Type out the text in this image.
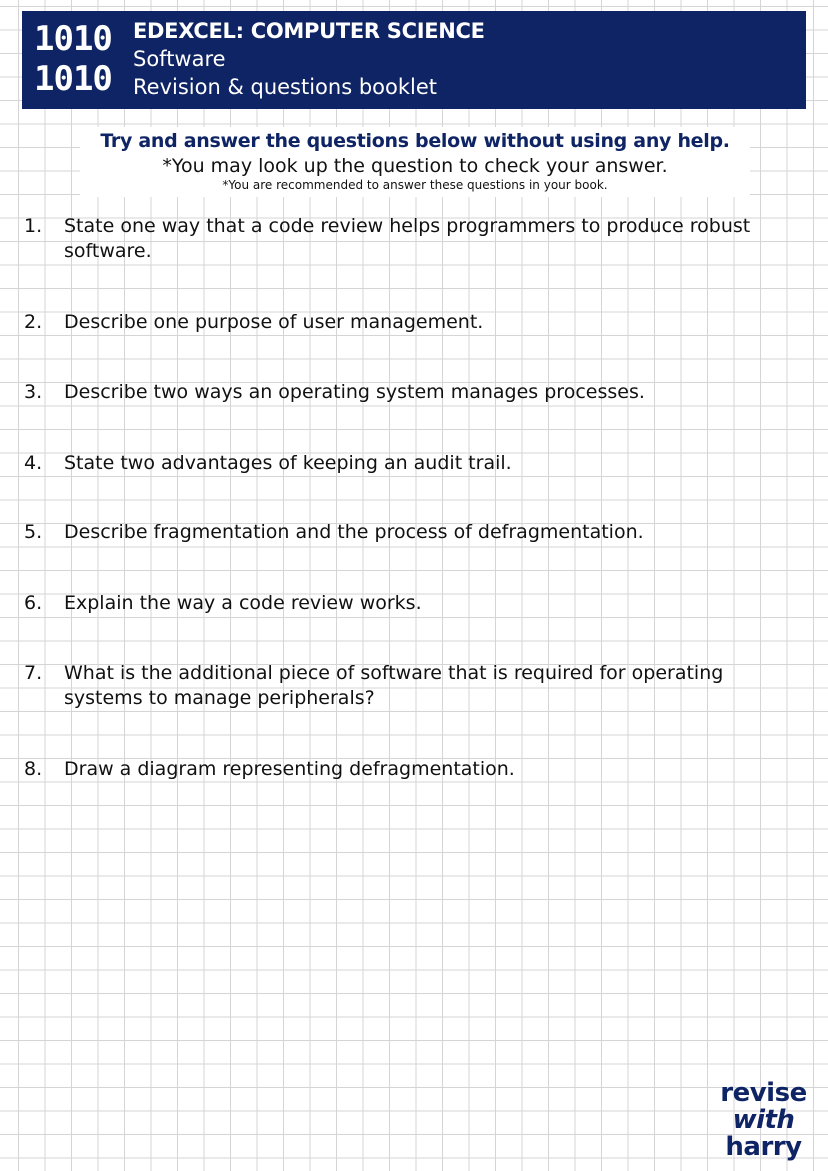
1010
1010
EDEXCEL: COMPUTER SCIENCE
Software
Revision & questions booklet
Try and answer the questions below without using any help.
*You may look up the question to check your answer.
*You are recommended to answer these questions in your book.
1. State one way that a code review helps programmers to produce robust software.
2. Describe one purpose of user management.
3. Describe two ways an operating system manages processes.
4. State two advantages of keeping an audit trail.
5. Describe fragmentation and the process of defragmentation.
6. Explain the way a code review works.
7. What is the additional piece of software that is required for operating systems to manage peripherals?
8. Draw a diagram representing defragmentation.
revise
with
harry
